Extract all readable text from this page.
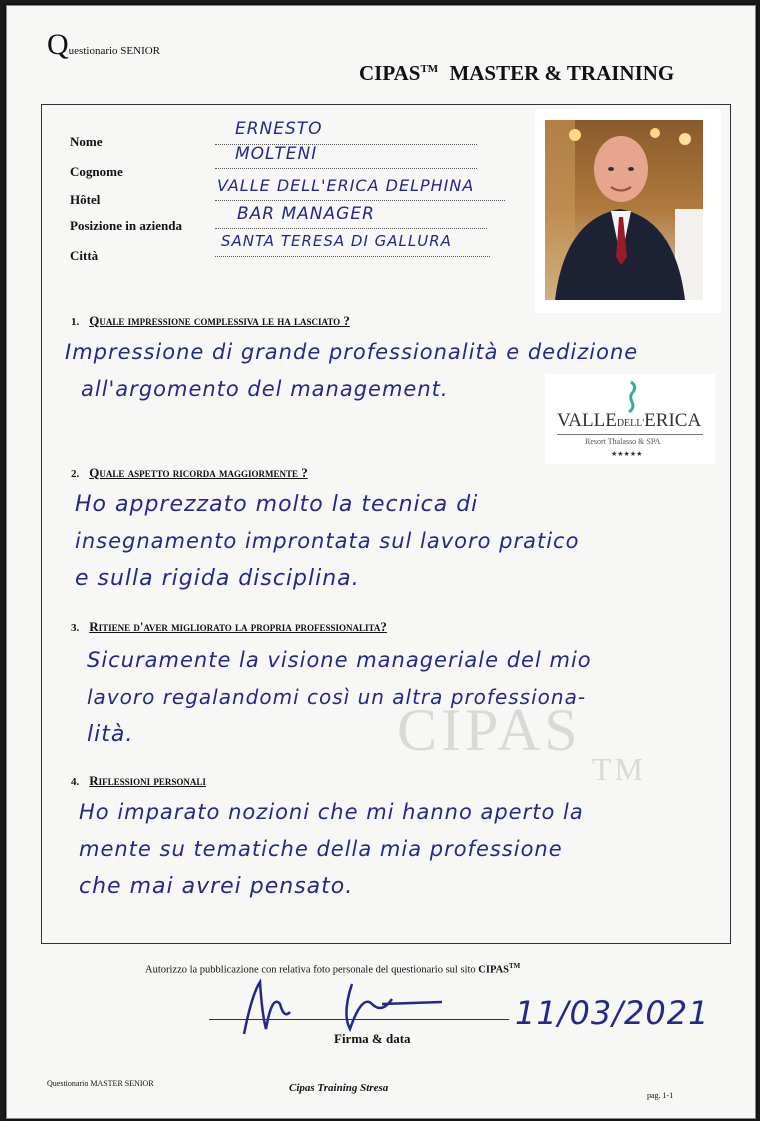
Questionario SENIOR
CIPAS™ MASTER & TRAINING
CIPAS
TM
Nome
ERNESTO
Cognome
MOLTENI
Hôtel
VALLE DELL'ERICA DELPHINA
Posizione in azienda
BAR MANAGER
Città
SANTA TERESA DI GALLURA
VALLEDELL'ERICA
Resort Thalasso & SPA
★★★★★
1. Quale impressione complessiva le ha lasciato ?
Impressione di grande professionalità e dedizione
all'argomento del management.
2. Quale aspetto ricorda maggiormente ?
Ho apprezzato molto la tecnica di
insegnamento improntata sul lavoro pratico
e sulla rigida disciplina.
3. Ritiene d'aver migliorato la propria professionalita?
Sicuramente la visione manageriale del mio
lavoro regalandomi così un altra professiona-
lità.
4. Riflessioni personali
Ho imparato nozioni che mi hanno aperto la
mente su tematiche della mia professione
che mai avrei pensato.
Autorizzo la pubblicazione con relativa foto personale del questionario sul sito CIPAS™
11/03/2021
Firma & data
Questionario MASTER SENIOR	Cipas Training Stresa
pag. 1-1
